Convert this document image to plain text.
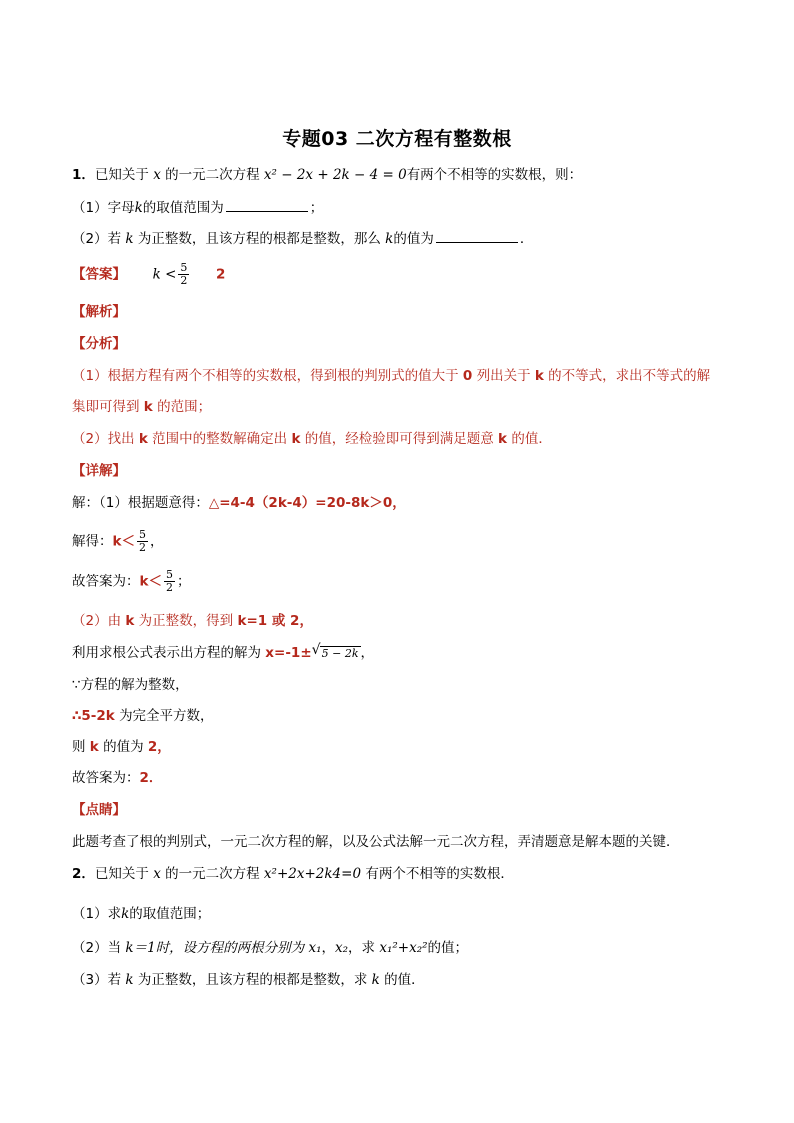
专题03 二次方程有整数根
1．已知关于 x 的一元二次方程 x² − 2x + 2k − 4 = 0有两个不相等的实数根，则：
（1）字母k的取值范围为	；
（2）若 k 为正整数，且该方程的根都是整数，那么 k的值为	．
【答案】 $k < \frac{5}{2} 2$
【解析】
【分析】
（1）根据方程有两个不相等的实数根，得到根的判别式的值大于 0 列出关于 k 的不等式，求出不等式的解
集即可得到 k 的范围；
（2）找出 k 范围中的整数解确定出 k 的值，经检验即可得到满足题意 k 的值．
【详解】
解：（1）根据题意得：△=4-4（2k-4）=20-8k＞0，
解得：$k< \frac{5}{2}$ ，
故答案为：$k< \frac{5}{2}$ ；
（2）由 k 为正整数，得到 k=1 或 2，
利用求根公式表示出方程的解为 x=-1± √ 5 − 2k ，
∵方程的解为整数，
∴5-2k 为完全平方数，
则 k 的值为 2，
故答案为：2．
【点睛】
此题考查了根的判别式，一元二次方程的解，以及公式法解一元二次方程，弄清题意是解本题的关键．
2．已知关于 x 的一元二次方程 x²+2x+2k4=0 有两个不相等的实数根．
（1）求k的取值范围；
（2）当 k＝1时，设方程的两根分别为 x₁，x₂，求 x₁²+x₂²的值；
（3）若 k 为正整数，且该方程的根都是整数，求 k 的值．
